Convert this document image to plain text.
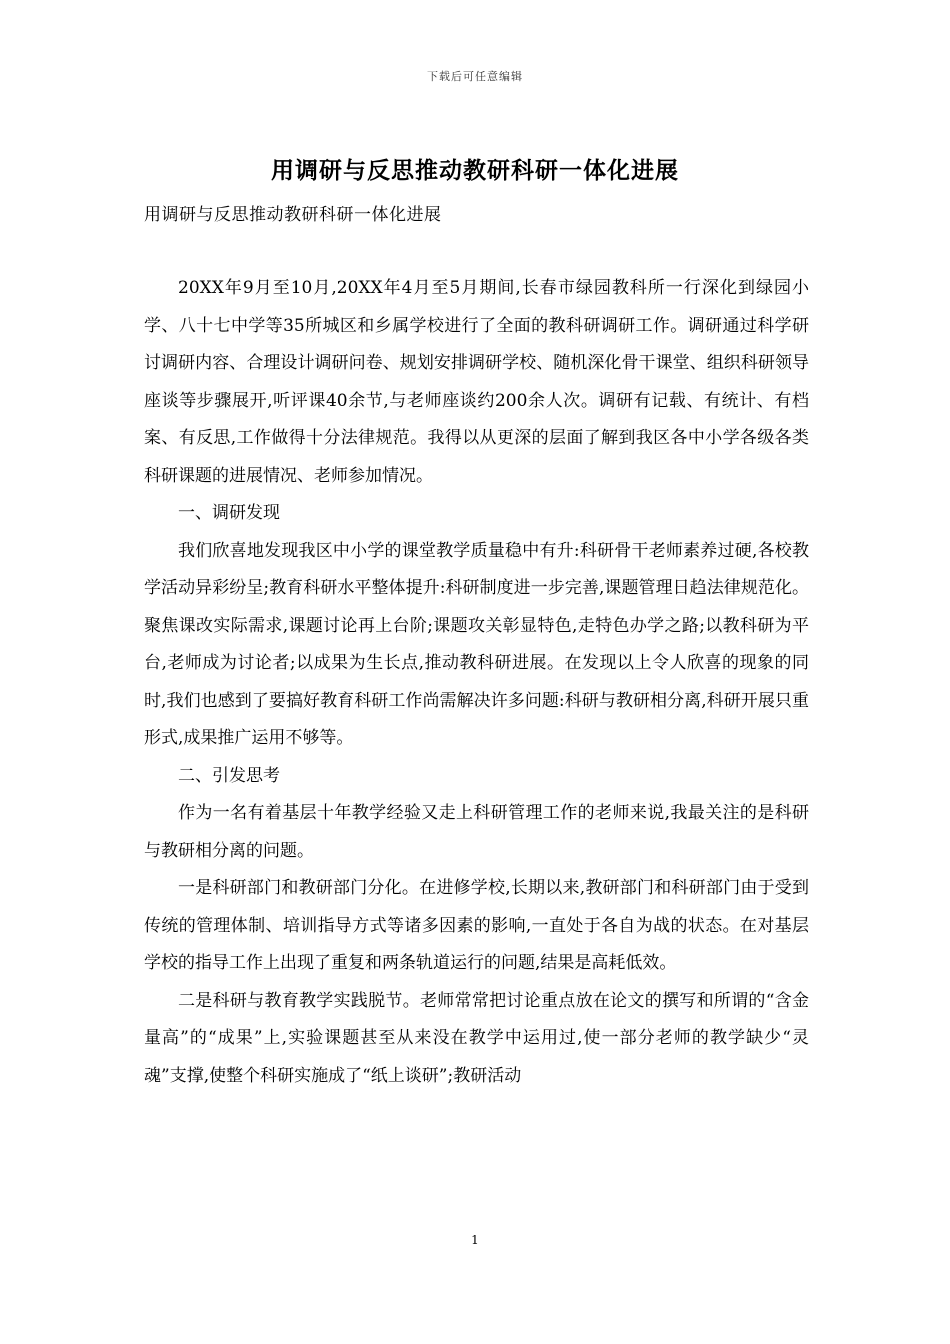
下载后可任意编辑
用调研与反思推动教研科研一体化进展
用调研与反思推动教研科研一体化进展

20XX年9月至10月,20XX年4月至5月期间,长春市绿园教科所一行深化到绿园小学、八十七中学等35所城区和乡属学校进行了全面的教科研调研工作。调研通过科学研讨调研内容、合理设计调研问卷、规划安排调研学校、随机深化骨干课堂、组织科研领导座谈等步骤展开,听评课40余节,与老师座谈约200余人次。调研有记载、有统计、有档案、有反思,工作做得十分法律规范。我得以从更深的层面了解到我区各中小学各级各类科研课题的进展情况、老师参加情况。

一、调研发现

我们欣喜地发现我区中小学的课堂教学质量稳中有升:科研骨干老师素养过硬,各校教学活动异彩纷呈;教育科研水平整体提升:科研制度进一步完善,课题管理日趋法律规范化。聚焦课改实际需求,课题讨论再上台阶;课题攻关彰显特色,走特色办学之路;以教科研为平台,老师成为讨论者;以成果为生长点,推动教科研进展。在发现以上令人欣喜的现象的同时,我们也感到了要搞好教育科研工作尚需解决许多问题:科研与教研相分离,科研开展只重形式,成果推广运用不够等。

二、引发思考

作为一名有着基层十年教学经验又走上科研管理工作的老师来说,我最关注的是科研与教研相分离的问题。

一是科研部门和教研部门分化。在进修学校,长期以来,教研部门和科研部门由于受到传统的管理体制、培训指导方式等诸多因素的影响,一直处于各自为战的状态。在对基层学校的指导工作上出现了重复和两条轨道运行的问题,结果是高耗低效。

二是科研与教育教学实践脱节。老师常常把讨论重点放在论文的撰写和所谓的“含金量高”的“成果”上,实验课题甚至从来没在教学中运用过,使一部分老师的教学缺少“灵魂”支撑,使整个科研实施成了“纸上谈研”;教研活动

1
